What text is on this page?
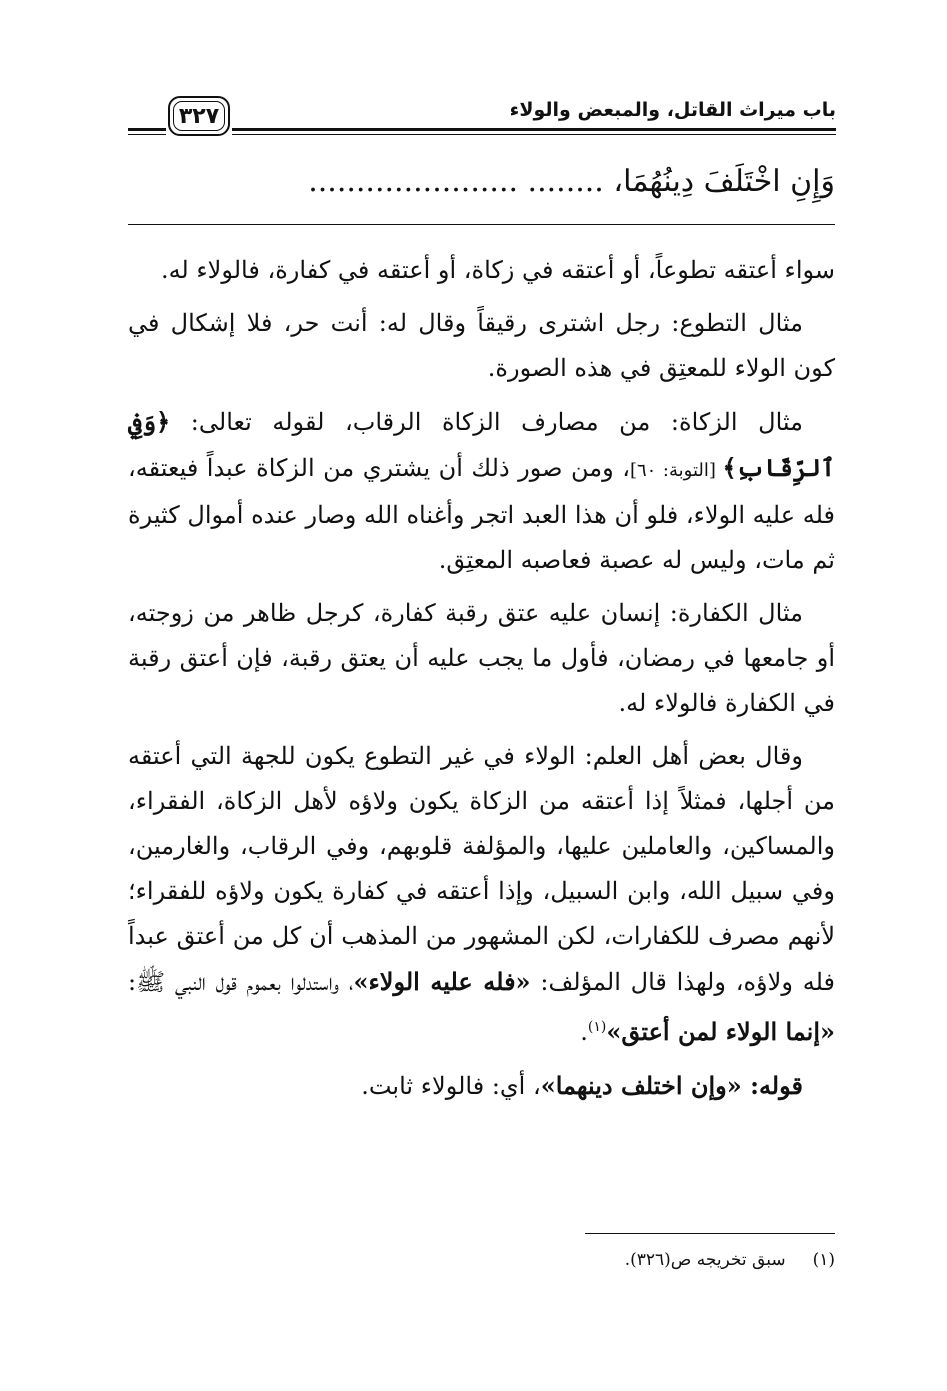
باب ميراث القاتل، والمبعض والولاء
٣٢٧
وَإِنِ اخْتَلَفَ دِينُهُمَا، ........ ......................

سواء أعتقه تطوعاً، أو أعتقه في زكاة، أو أعتقه في كفارة، فالولاء له.

مثال التطوع: رجل اشترى رقيقاً وقال له: أنت حر، فلا إشكال في كون الولاء للمعتِق في هذه الصورة.

مثال الزكاة: من مصارف الزكاة الرقاب، لقوله تعالى: ﴿وَفِي ٱلرِّقَابِ﴾ [التوبة: ٦٠]، ومن صور ذلك أن يشتري من الزكاة عبداً فيعتقه، فله عليه الولاء، فلو أن هذا العبد اتجر وأغناه الله وصار عنده أموال كثيرة ثم مات، وليس له عصبة فعاصبه المعتِق.

مثال الكفارة: إنسان عليه عتق رقبة كفارة، كرجل ظاهر من زوجته، أو جامعها في رمضان، فأول ما يجب عليه أن يعتق رقبة، فإن أعتق رقبة في الكفارة فالولاء له.

وقال بعض أهل العلم: الولاء في غير التطوع يكون للجهة التي أعتقه من أجلها، فمثلاً إذا أعتقه من الزكاة يكون ولاؤه لأهل الزكاة، الفقراء، والمساكين، والعاملين عليها، والمؤلفة قلوبهم، وفي الرقاب، والغارمين، وفي سبيل الله، وابن السبيل، وإذا أعتقه في كفارة يكون ولاؤه للفقراء؛ لأنهم مصرف للكفارات، لكن المشهور من المذهب أن كل من أعتق عبداً فله ولاؤه، ولهذا قال المؤلف: «فله عليه الولاء»، واستدلوا بعموم قول النبي ﷺ: «إنما الولاء لمن أعتق»$^{(١)}$.

قوله: «وإن اختلف دينهما»، أي: فالولاء ثابت.

(١) سبق تخريجه ص(٣٢٦).
